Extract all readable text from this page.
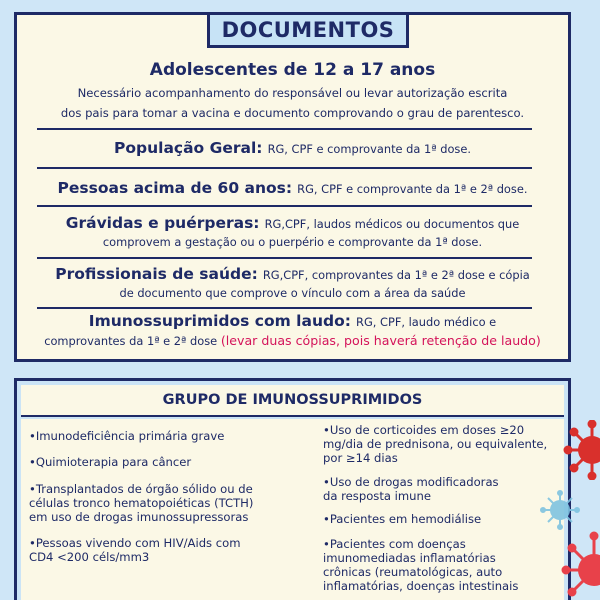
DOCUMENTOS
Adolescentes de 12 a 17 anos
Necessário acompanhamento do responsável ou levar autorização escrita
dos pais para tomar a vacina e documento comprovando o grau de parentesco.
População Geral: RG, CPF e comprovante da 1ª dose.
Pessoas acima de 60 anos: RG, CPF e comprovante da 1ª e 2ª dose.
Grávidas e puérperas: RG,CPF, laudos médicos ou documentos que
comprovem a gestação ou o puerpério e comprovante da 1ª dose.
Profissionais de saúde: RG,CPF, comprovantes da 1ª e 2ª dose e cópia
de documento que comprove o vínculo com a área da saúde
Imunossuprimidos com laudo: RG, CPF, laudo médico e
comprovantes da 1ª e 2ª dose (levar duas cópias, pois haverá retenção de laudo)
GRUPO DE IMUNOSSUPRIMIDOS
•Imunodeficiência primária grave
•Quimioterapia para câncer
•Transplantados de órgão sólido ou de
células tronco hematopoiéticas (TCTH)
em uso de drogas imunossupressoras
•Pessoas vivendo com HIV/Aids com
CD4 <200 céls/mm3
•Uso de corticoides em doses ≥20
mg/dia de prednisona, ou equivalente,
por ≥14 dias
•Uso de drogas modificadoras
da resposta imune
•Pacientes em hemodiálise
•Pacientes com doenças
imunomediadas inflamatórias
crônicas (reumatológicas, auto
inflamatórias, doenças intestinais
